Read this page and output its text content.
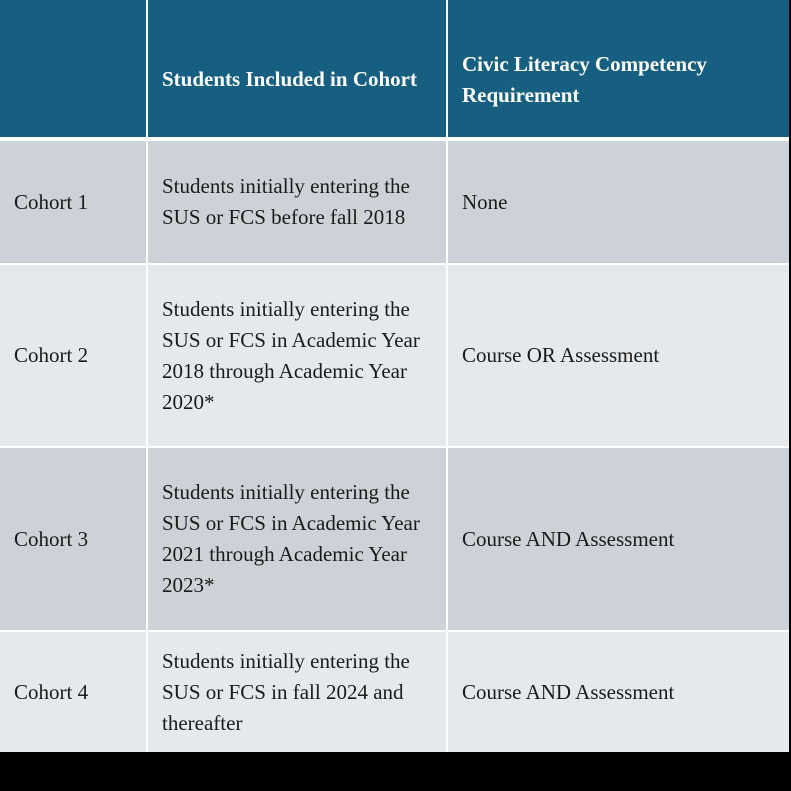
Students Included in Cohort
Civic Literacy Competency Requirement
Cohort 1
Students initially entering the SUS or FCS before fall 2018
None
Cohort 2
Students initially entering the SUS or FCS in Academic Year 2018 through Academic Year 2020*
Course OR Assessment
Cohort 3
Students initially entering the SUS or FCS in Academic Year 2021 through Academic Year 2023*
Course AND Assessment
Cohort 4
Students initially entering the SUS or FCS in fall 2024 and thereafter
Course AND Assessment
